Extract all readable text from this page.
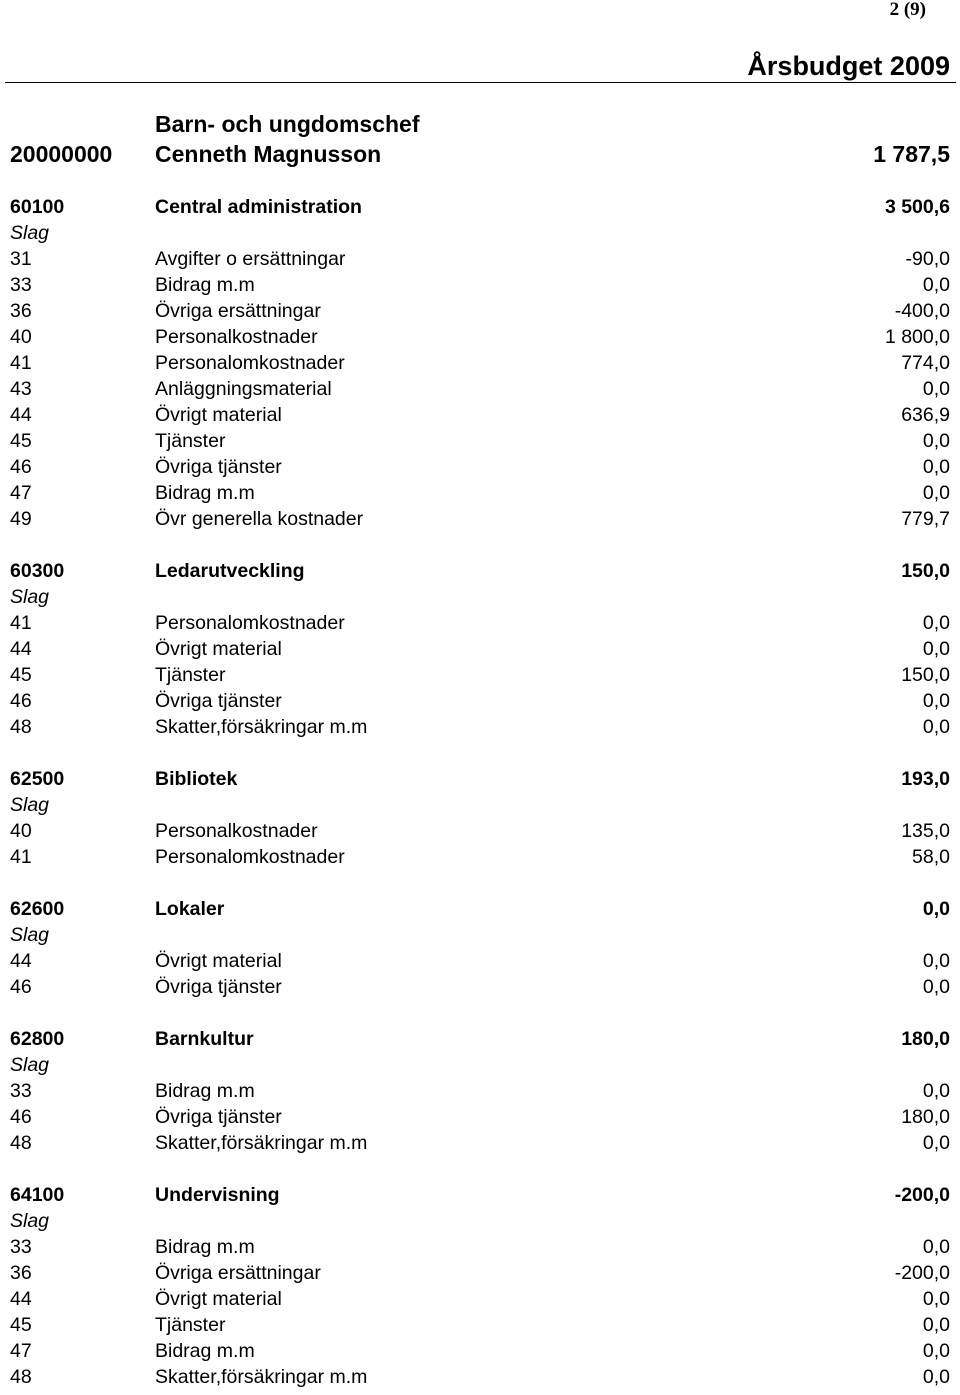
2 (9)
Årsbudget 2009
Barn- och ungdomschef
20000000 Cenneth Magnusson	1 787,5
60100	Central administration	3 500,6
Slag
31	Avgifter o ersättningar	-90,0
33	Bidrag m.m	0,0
36	Övriga ersättningar	-400,0
40	Personalkostnader	1 800,0
41	Personalomkostnader	774,0
43	Anläggningsmaterial	0,0
44	Övrigt material	636,9
45	Tjänster	0,0
46	Övriga tjänster	0,0
47	Bidrag m.m	0,0
49	Övr generella kostnader	779,7
60300	Ledarutveckling	150,0
Slag
41	Personalomkostnader	0,0
44	Övrigt material	0,0
45	Tjänster	150,0
46	Övriga tjänster	0,0
48	Skatter,försäkringar m.m	0,0
62500	Bibliotek	193,0
Slag
40	Personalkostnader	135,0
41	Personalomkostnader	58,0
62600	Lokaler	0,0
Slag
44	Övrigt material	0,0
46	Övriga tjänster	0,0
62800	Barnkultur	180,0
Slag
33	Bidrag m.m	0,0
46	Övriga tjänster	180,0
48	Skatter,försäkringar m.m	0,0
64100	Undervisning	-200,0
Slag
33	Bidrag m.m	0,0
36	Övriga ersättningar	-200,0
44	Övrigt material	0,0
45	Tjänster	0,0
47	Bidrag m.m	0,0
48	Skatter,försäkringar m.m	0,0
